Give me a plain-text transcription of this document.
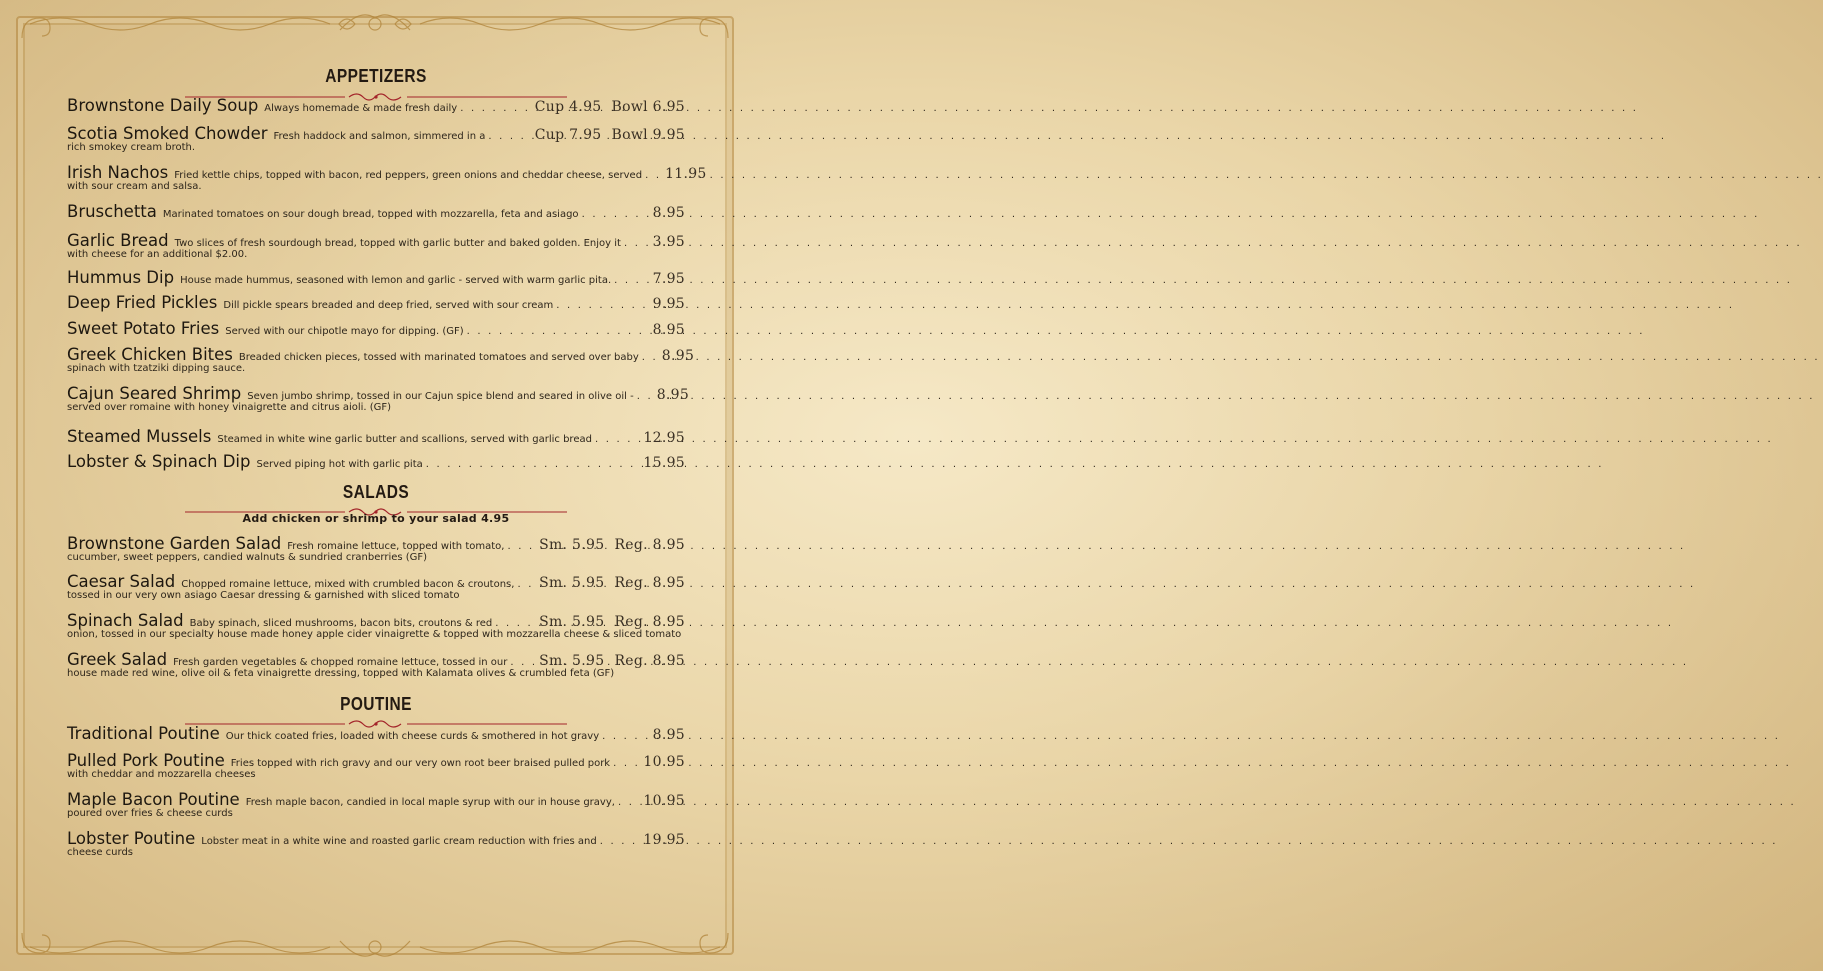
APPETIZERS
Brownstone Daily Soup Always homemade & made fresh daily . . .	Cup 4.95 Bowl 6.95
Scotia Smoked Chowder Fresh haddock and salmon, simmered in a . . .	Cup 7.95 Bowl 9.95
rich smokey cream broth.
Irish Nachos Fried kettle chips, topped with bacon, red peppers, green onions and cheddar cheese, served . . . 11.95
with sour cream and salsa.
Bruschetta Marinated tomatoes on sour dough bread, topped with mozzarella, feta and asiago . . .	8.95
Garlic Bread Two slices of fresh sourdough bread, topped with garlic butter and baked golden. Enjoy it . . . 3.95
with cheese for an additional $2.00.
Hummus Dip House made hummus, seasoned with lemon and garlic - served with warm garlic pita. . . .	7.95
Deep Fried Pickles Dill pickle spears breaded and deep fried, served with sour cream . . .	9.95
Sweet Potato Fries Served with our chipotle mayo for dipping. (GF) . . .	8.95
Greek Chicken Bites Breaded chicken pieces, tossed with marinated tomatoes and served over baby . . . 8.95
spinach with tzatziki dipping sauce.
Cajun Seared Shrimp Seven jumbo shrimp, tossed in our Cajun spice blend and seared in olive oil - . . . 8.95
served over romaine with honey vinaigrette and citrus aioli. (GF)
Steamed Mussels Steamed in white wine garlic butter and scallions, served with garlic bread . . .	12.95
Lobster & Spinach Dip Served piping hot with garlic pita . . .	15.95
SALADS
Add chicken or shrimp to your salad 4.95
Brownstone Garden Salad Fresh romaine lettuce, topped with tomato, . . . Sm. 5.95 Reg. 8.95
cucumber, sweet peppers, candied walnuts & sundried cranberries (GF)
Caesar Salad Chopped romaine lettuce, mixed with crumbled bacon & croutons, . . . Sm. 5.95 Reg. 8.95
tossed in our very own asiago Caesar dressing & garnished with sliced tomato
Spinach Salad Baby spinach, sliced mushrooms, bacon bits, croutons & red . . .	Sm. 5.95 Reg. 8.95
onion, tossed in our specialty house made honey apple cider vinaigrette & topped with mozzarella cheese & sliced tomato
Greek Salad Fresh garden vegetables & chopped romaine lettuce, tossed in our . . . Sm. 5.95 Reg. 8.95
house made red wine, olive oil & feta vinaigrette dressing, topped with Kalamata olives & crumbled feta (GF)
POUTINE
Traditional Poutine Our thick coated fries, loaded with cheese curds & smothered in hot gravy . . .	8.95
Pulled Pork Poutine Fries topped with rich gravy and our very own root beer braised pulled pork . . . 10.95
with cheddar and mozzarella cheeses
Maple Bacon Poutine Fresh maple bacon, candied in local maple syrup with our in house gravy, . . . 10.95
poured over fries & cheese curds
Lobster Poutine Lobster meat in a white wine and roasted garlic cream reduction with fries and . . .	19.95
cheese curds
